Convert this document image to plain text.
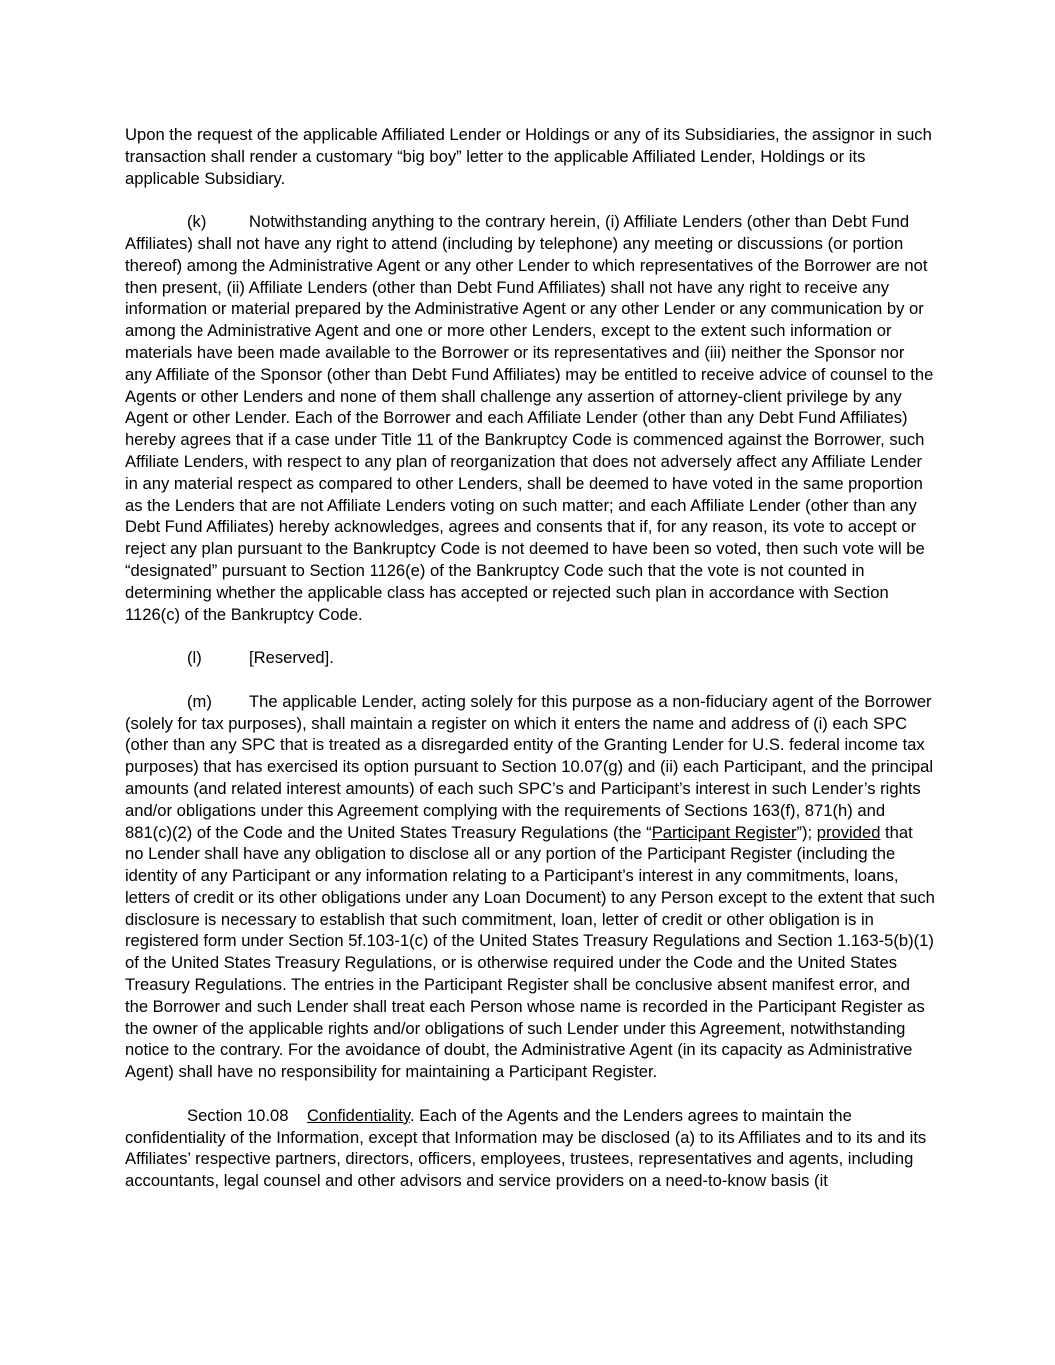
Upon the request of the applicable Affiliated Lender or Holdings or any of its Subsidiaries, the assignor in such transaction shall render a customary “big boy” letter to the applicable Affiliated Lender, Holdings or its applicable Subsidiary.

(k)	Notwithstanding anything to the contrary herein, (i) Affiliate Lenders (other than Debt Fund Affiliates) shall not have any right to attend (including by telephone) any meeting or discussions (or portion thereof) among the Administrative Agent or any other Lender to which representatives of the Borrower are not then present, (ii) Affiliate Lenders (other than Debt Fund Affiliates) shall not have any right to receive any information or material prepared by the Administrative Agent or any other Lender or any communication by or among the Administrative Agent and one or more other Lenders, except to the extent such information or materials have been made available to the Borrower or its representatives and (iii) neither the Sponsor nor any Affiliate of the Sponsor (other than Debt Fund Affiliates) may be entitled to receive advice of counsel to the Agents or other Lenders and none of them shall challenge any assertion of attorney-client privilege by any Agent or other Lender. Each of the Borrower and each Affiliate Lender (other than any Debt Fund Affiliates) hereby agrees that if a case under Title 11 of the Bankruptcy Code is commenced against the Borrower, such Affiliate Lenders, with respect to any plan of reorganization that does not adversely affect any Affiliate Lender in any material respect as compared to other Lenders, shall be deemed to have voted in the same proportion as the Lenders that are not Affiliate Lenders voting on such matter; and each Affiliate Lender (other than any Debt Fund Affiliates) hereby acknowledges, agrees and consents that if, for any reason, its vote to accept or reject any plan pursuant to the Bankruptcy Code is not deemed to have been so voted, then such vote will be “designated” pursuant to Section 1126(e) of the Bankruptcy Code such that the vote is not counted in determining whether the applicable class has accepted or rejected such plan in accordance with Section 1126(c) of the Bankruptcy Code.

(l)	[Reserved].

(m) The applicable Lender, acting solely for this purpose as a non-fiduciary agent of the Borrower (solely for tax purposes), shall maintain a register on which it enters the name and address of (i) each SPC (other than any SPC that is treated as a disregarded entity of the Granting Lender for U.S. federal income tax purposes) that has exercised its option pursuant to Section 10.07(g) and (ii) each Participant, and the principal amounts (and related interest amounts) of each such SPC’s and Participant’s interest in such Lender’s rights and/or obligations under this Agreement complying with the requirements of Sections 163(f), 871(h) and 881(c)(2) of the Code and the United States Treasury Regulations (the “Participant Register”); provided that no Lender shall have any obligation to disclose all or any portion of the Participant Register (including the identity of any Participant or any information relating to a Participant’s interest in any commitments, loans, letters of credit or its other obligations under any Loan Document) to any Person except to the extent that such disclosure is necessary to establish that such commitment, loan, letter of credit or other obligation is in registered form under Section 5f.103-1(c) of the United States Treasury Regulations and Section 1.163-5(b)(1) of the United States Treasury Regulations, or is otherwise required under the Code and the United States Treasury Regulations. The entries in the Participant Register shall be conclusive absent manifest error, and the Borrower and such Lender shall treat each Person whose name is recorded in the Participant Register as the owner of the applicable rights and/or obligations of such Lender under this Agreement, notwithstanding notice to the contrary. For the avoidance of doubt, the Administrative Agent (in its capacity as Administrative Agent) shall have no responsibility for maintaining a Participant Register.

Section 10.08 Confidentiality. Each of the Agents and the Lenders agrees to maintain the confidentiality of the Information, except that Information may be disclosed (a) to its Affiliates and to its and its Affiliates’ respective partners, directors, officers, employees, trustees, representatives and agents, including accountants, legal counsel and other advisors and service providers on a need-to-know basis (it
